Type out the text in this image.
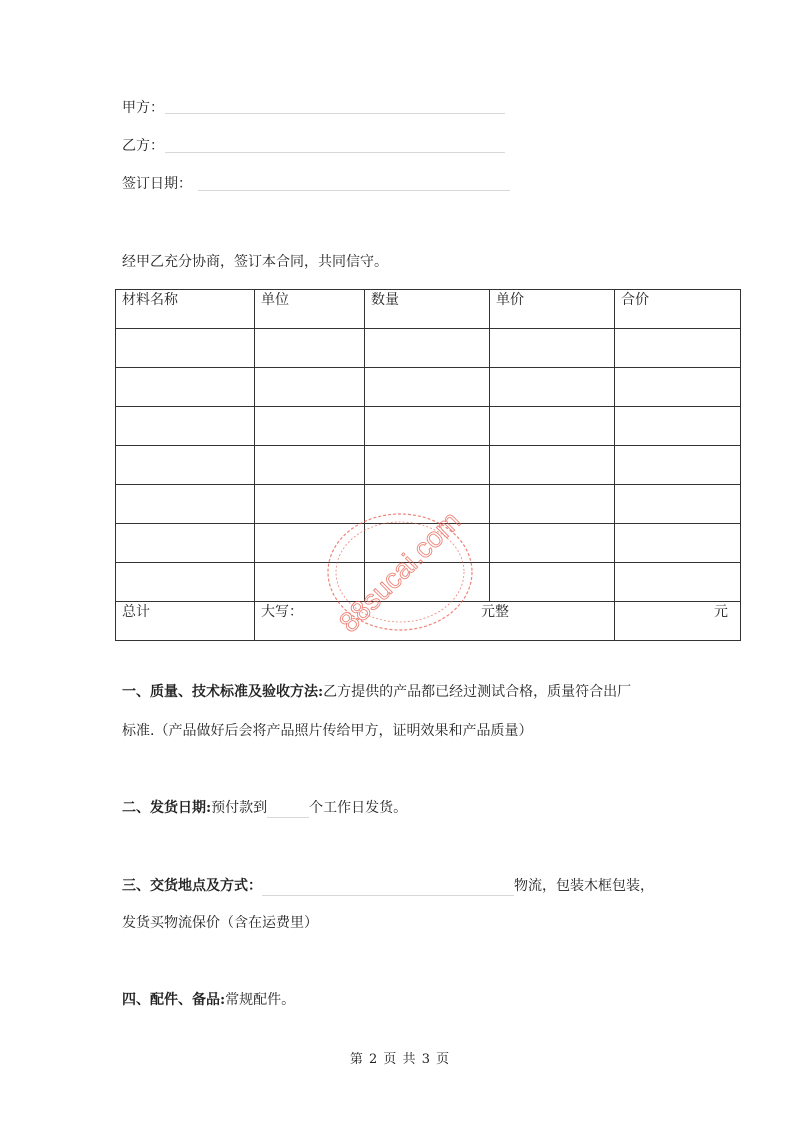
甲方：
乙方：
签订日期：
经甲乙充分协商，签订本合同，共同信守。
材料名称	单位	数量	单价	合价

总计	大写： 元整			元
88sucai.com
一、质量、技术标准及验收方法:乙方提供的产品都已经过测试合格，质量符合出厂
标准.（产品做好后会将产品照片传给甲方，证明效果和产品质量）
二、发货日期:预付款到	个工作日发货。
三、交货地点及方式：	物流，包装木框包装，
发货买物流保价（含在运费里）
四、配件、备品:常规配件。
第 2 页 共 3 页
